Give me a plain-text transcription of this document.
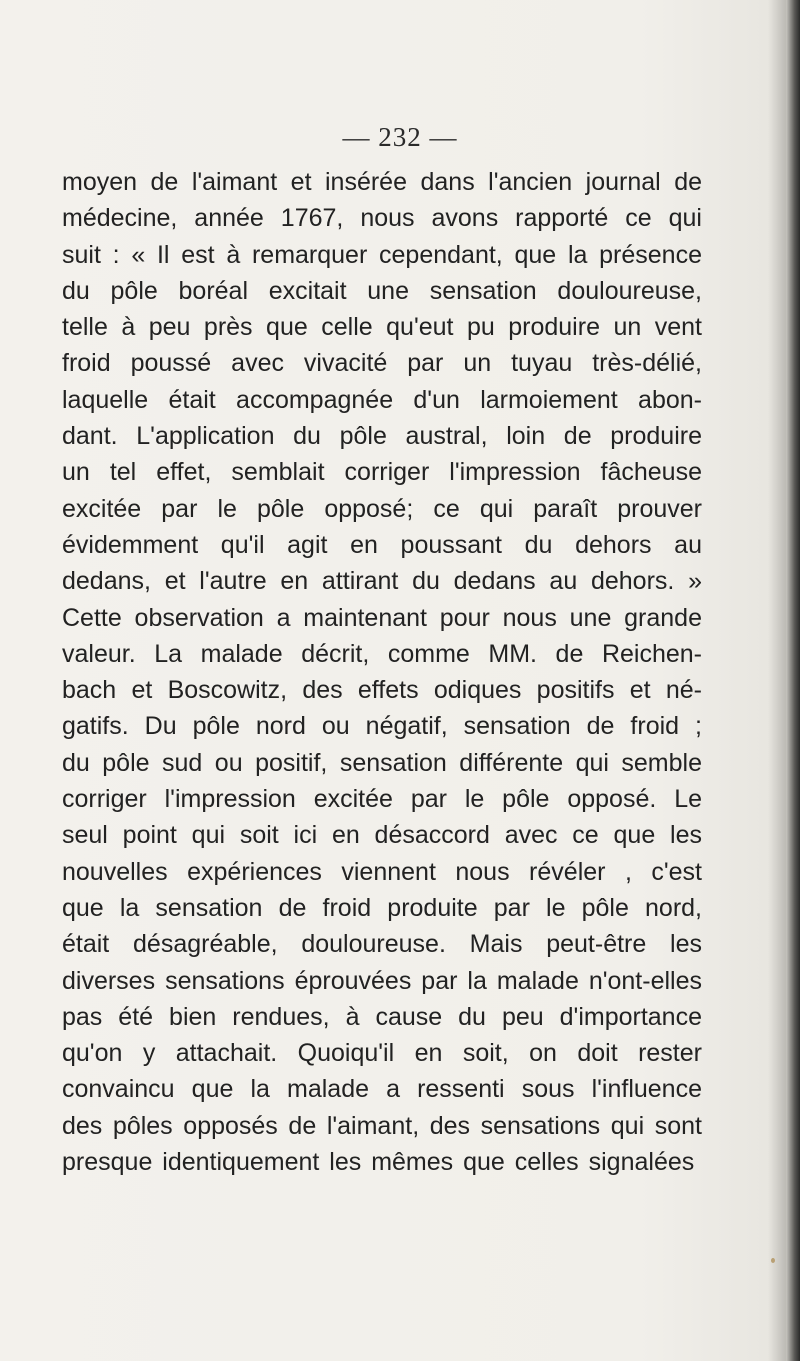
— 232 —
moyen de l'aimant et insérée dans l'ancien journal de
médecine, année 1767, nous avons rapporté ce qui
suit : « Il est à remarquer cependant, que la présence
du pôle boréal excitait une sensation douloureuse,
telle à peu près que celle qu'eut pu produire un vent
froid poussé avec vivacité par un tuyau très-délié,
laquelle était accompagnée d'un larmoiement abon-
dant. L'application du pôle austral, loin de produire
un tel effet, semblait corriger l'impression fâcheuse
excitée par le pôle opposé; ce qui paraît prouver
évidemment qu'il agit en poussant du dehors au
dedans, et l'autre en attirant du dedans au dehors. »
Cette observation a maintenant pour nous une grande
valeur. La malade décrit, comme MM. de Reichen-
bach et Boscowitz, des effets odiques positifs et né-
gatifs. Du pôle nord ou négatif, sensation de froid ;
du pôle sud ou positif, sensation différente qui semble
corriger l'impression excitée par le pôle opposé. Le
seul point qui soit ici en désaccord avec ce que les
nouvelles expériences viennent nous révéler , c'est
que la sensation de froid produite par le pôle nord,
était désagréable, douloureuse. Mais peut-être les
diverses sensations éprouvées par la malade n'ont-elles
pas été bien rendues, à cause du peu d'importance
qu'on y attachait. Quoiqu'il en soit, on doit rester
convaincu que la malade a ressenti sous l'influence
des pôles opposés de l'aimant, des sensations qui sont
presque identiquement les mêmes que celles signalées
